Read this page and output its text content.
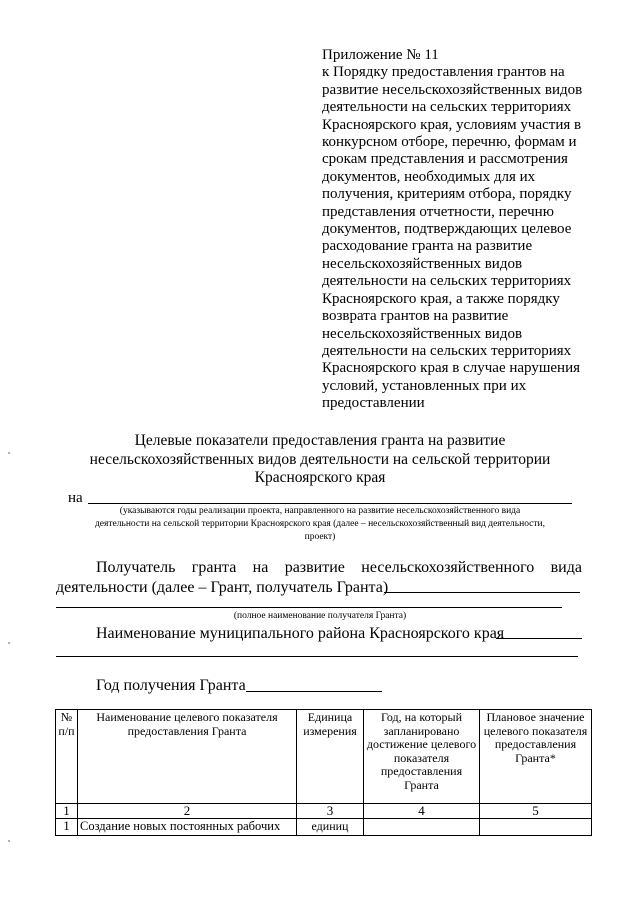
Приложение № 11
к Порядку предоставления грантов на
развитие несельскохозяйственных видов
деятельности на сельских территориях
Красноярского края, условиям участия в
конкурсном отборе, перечню, формам и
срокам представления и рассмотрения
документов, необходимых для их
получения, критериям отбора, порядку
представления отчетности, перечню
документов, подтверждающих целевое
расходование гранта на развитие
несельскохозяйственных видов
деятельности на сельских территориях
Красноярского края, а также порядку
возврата грантов на развитие
несельскохозяйственных видов
деятельности на сельских территориях
Красноярского края в случае нарушения
условий, установленных при их
предоставлении
Целевые показатели предоставления гранта на развитие
несельскохозяйственных видов деятельности на сельской территории
Красноярского края
на
(указываются годы реализации проекта, направленного на развитие несельскохозяйственного вида
деятельности на сельской территории Красноярского края (далее – несельскохозяйственный вид деятельности,
проект)
Получатель гранта на развитие несельскохозяйственного вида
деятельности (далее – Грант, получатель Гранта)
(полное наименование получателя Гранта)
Наименование муниципального района Красноярского края
Год получения Гранта
№ п/п	Наименование целевого показателя предоставления Гранта	Единица измерения	Год, на который запланировано достижение целевого показателя предоставления Гранта	Плановое значение целевого показателя предоставления Гранта*
1	2	3	4	5
1	Создание новых постоянных рабочих	единиц		
